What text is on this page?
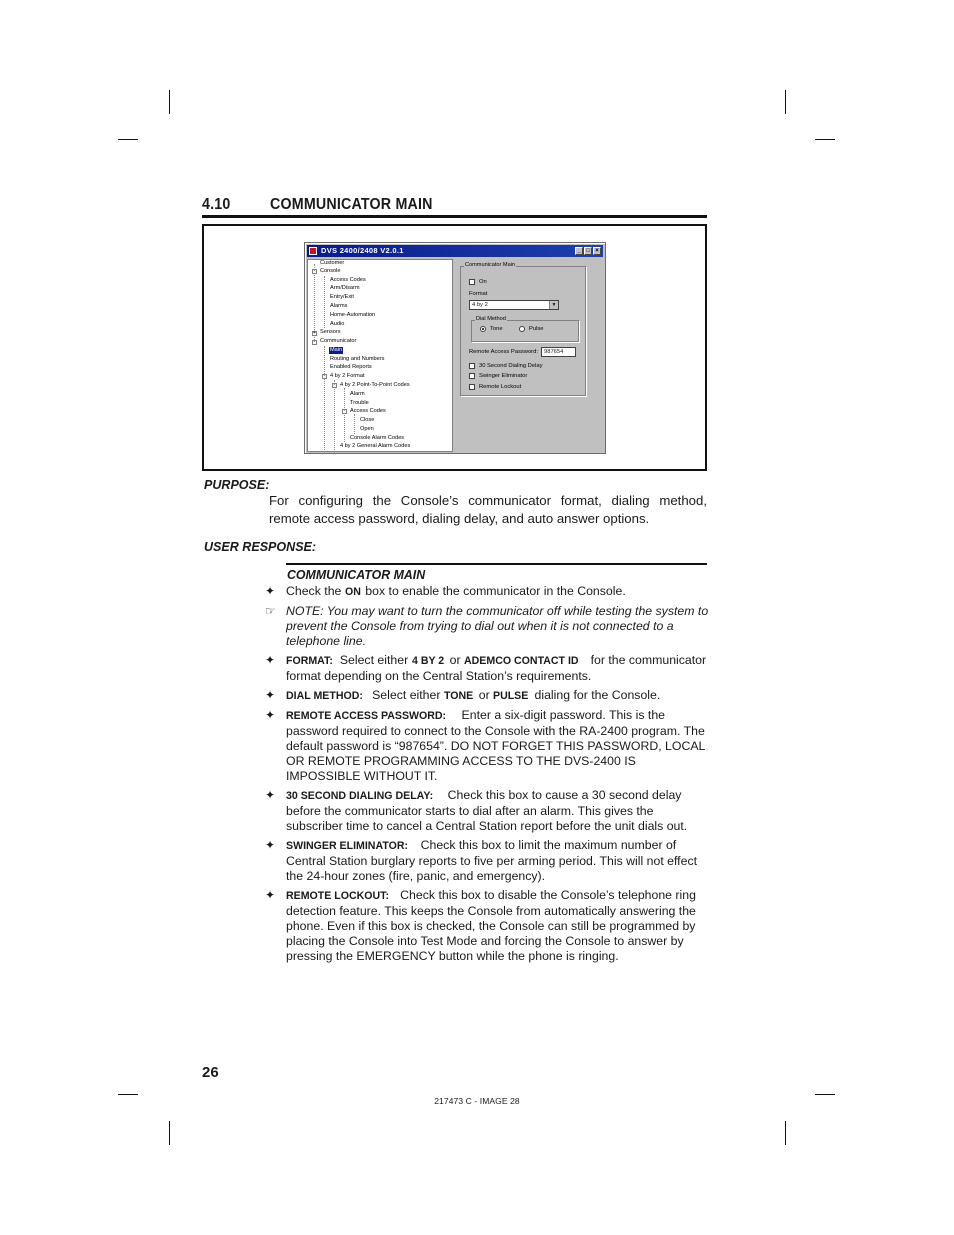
4.10	COMMUNICATOR MAIN
DVS 2400/2408 V2.0.1	_ □ ×
Customer
- Console
Access Codes
Arm/Disarm
Entry/Exit
Alarms
Home-Automation
Audio
+ Sensors
- Communicator
Main
Routing and Numbers
Enabled Reports
- 4 by 2 Format
- 4 by 2 Point-To-Point Codes
Alarm
Trouble
- Access Codes
Close
Open
Console Alarm Codes
4 by 2 General Alarm Codes
Communicator Main
On
Format
4 by 2	▼
Dial Method
Tone	Pulse
Remote Access Password:	987654
30 Second Dialing Delay
Swinger Eliminator
Remote Lockout
PURPOSE:
For configuring the Console’s communicator format, dialing method, remote access password, dialing delay, and auto answer options.
USER RESPONSE:
COMMUNICATOR MAIN
✦ Check the ON box to enable the communicator in the Console.
☞ NOTE: You may want to turn the communicator off while testing the system to prevent the Console from trying to dial out when it is not connected to a telephone line.
✦ FORMAT: Select either 4 BY 2 or ADEMCO CONTACT ID for the communicator format depending on the Central Station’s requirements.
✦ DIAL METHOD: Select either TONE or PULSE dialing for the Console.
✦ REMOTE ACCESS PASSWORD: Enter a six-digit password. This is the password required to connect to the Console with the RA-2400 program. The default password is “987654”. DO NOT FORGET THIS PASSWORD, LOCAL OR REMOTE PROGRAMMING ACCESS TO THE DVS-2400 IS IMPOSSIBLE WITHOUT IT.
✦ 30 SECOND DIALING DELAY: Check this box to cause a 30 second delay before the communicator starts to dial after an alarm. This gives the subscriber time to cancel a Central Station report before the unit dials out.
✦ SWINGER ELIMINATOR: Check this box to limit the maximum number of Central Station burglary reports to five per arming period. This will not effect the 24-hour zones (fire, panic, and emergency).
✦ REMOTE LOCKOUT: Check this box to disable the Console’s telephone ring detection feature. This keeps the Console from automatically answering the phone. Even if this box is checked, the Console can still be programmed by placing the Console into Test Mode and forcing the Console to answer by pressing the EMERGENCY button while the phone is ringing.
26
217473 C - IMAGE 28
